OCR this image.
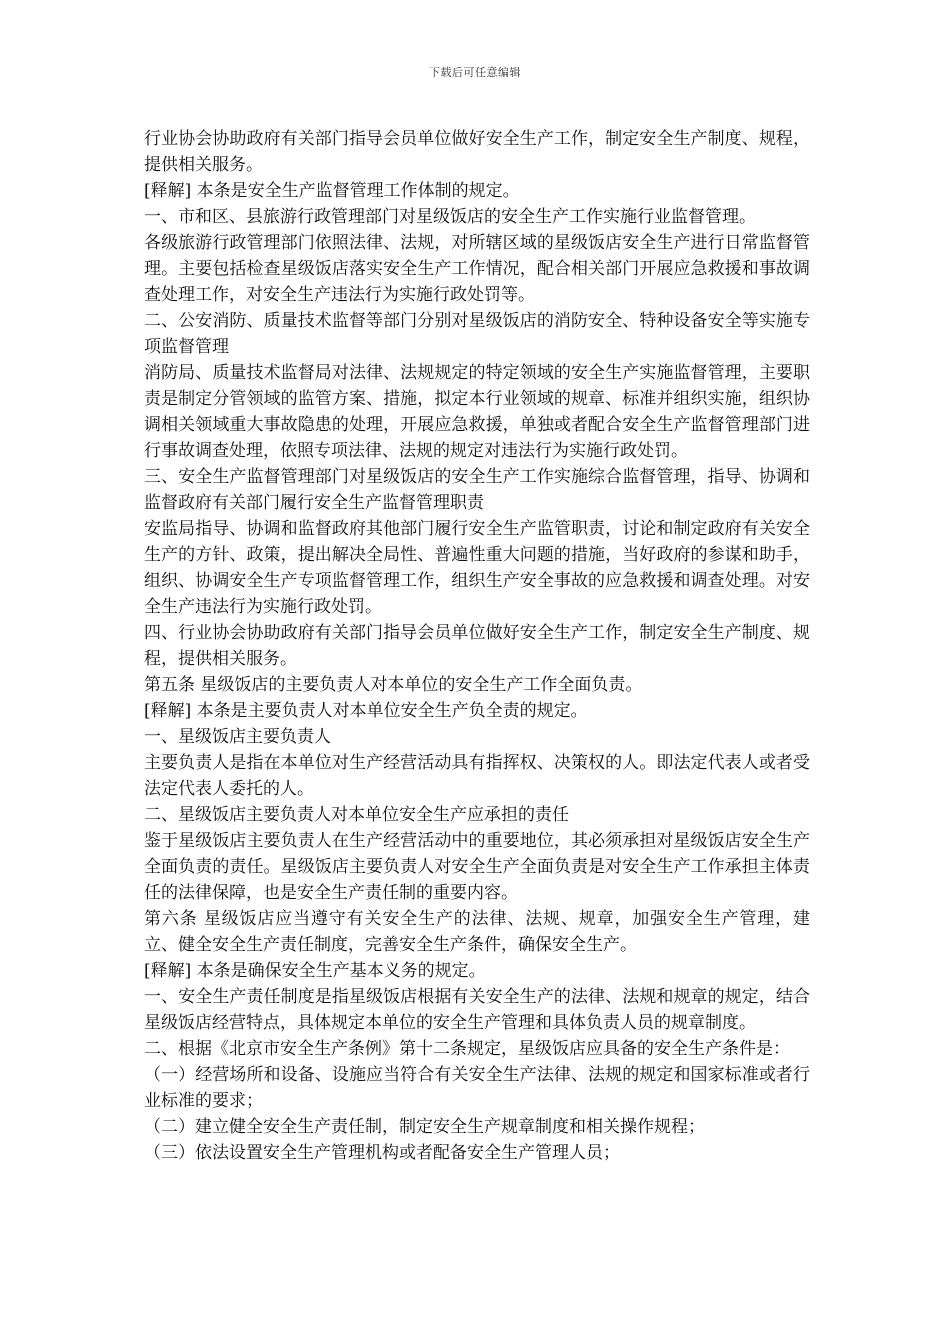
下载后可任意编辑

行业协会协助政府有关部门指导会员单位做好安全生产工作，制定安全生产制度、规程，提供相关服务。

[释解] 本条是安全生产监督管理工作体制的规定。

一、市和区、县旅游行政管理部门对星级饭店的安全生产工作实施行业监督管理。

各级旅游行政管理部门依照法律、法规，对所辖区域的星级饭店安全生产进行日常监督管理。主要包括检查星级饭店落实安全生产工作情况，配合相关部门开展应急救援和事故调查处理工作，对安全生产违法行为实施行政处罚等。

二、公安消防、质量技术监督等部门分别对星级饭店的消防安全、特种设备安全等实施专项监督管理

消防局、质量技术监督局对法律、法规规定的特定领域的安全生产实施监督管理，主要职责是制定分管领域的监管方案、措施，拟定本行业领域的规章、标准并组织实施，组织协调相关领域重大事故隐患的处理，开展应急救援，单独或者配合安全生产监督管理部门进行事故调查处理，依照专项法律、法规的规定对违法行为实施行政处罚。

三、安全生产监督管理部门对星级饭店的安全生产工作实施综合监督管理，指导、协调和监督政府有关部门履行安全生产监督管理职责

安监局指导、协调和监督政府其他部门履行安全生产监管职责，讨论和制定政府有关安全生产的方针、政策，提出解决全局性、普遍性重大问题的措施，当好政府的参谋和助手，组织、协调安全生产专项监督管理工作，组织生产安全事故的应急救援和调查处理。对安全生产违法行为实施行政处罚。

四、行业协会协助政府有关部门指导会员单位做好安全生产工作，制定安全生产制度、规程，提供相关服务。

第五条 星级饭店的主要负责人对本单位的安全生产工作全面负责。

[释解] 本条是主要负责人对本单位安全生产负全责的规定。

一、星级饭店主要负责人

主要负责人是指在本单位对生产经营活动具有指挥权、决策权的人。即法定代表人或者受法定代表人委托的人。

二、星级饭店主要负责人对本单位安全生产应承担的责任

鉴于星级饭店主要负责人在生产经营活动中的重要地位，其必须承担对星级饭店安全生产全面负责的责任。星级饭店主要负责人对安全生产全面负责是对安全生产工作承担主体责任的法律保障，也是安全生产责任制的重要内容。

第六条 星级饭店应当遵守有关安全生产的法律、法规、规章，加强安全生产管理，建立、健全安全生产责任制度，完善安全生产条件，确保安全生产。

[释解] 本条是确保安全生产基本义务的规定。

一、安全生产责任制度是指星级饭店根据有关安全生产的法律、法规和规章的规定，结合星级饭店经营特点，具体规定本单位的安全生产管理和具体负责人员的规章制度。

二、根据《北京市安全生产条例》第十二条规定，星级饭店应具备的安全生产条件是：

（一）经营场所和设备、设施应当符合有关安全生产法律、法规的规定和国家标准或者行业标准的要求；

（二）建立健全安全生产责任制，制定安全生产规章制度和相关操作规程；

（三）依法设置安全生产管理机构或者配备安全生产管理人员；
